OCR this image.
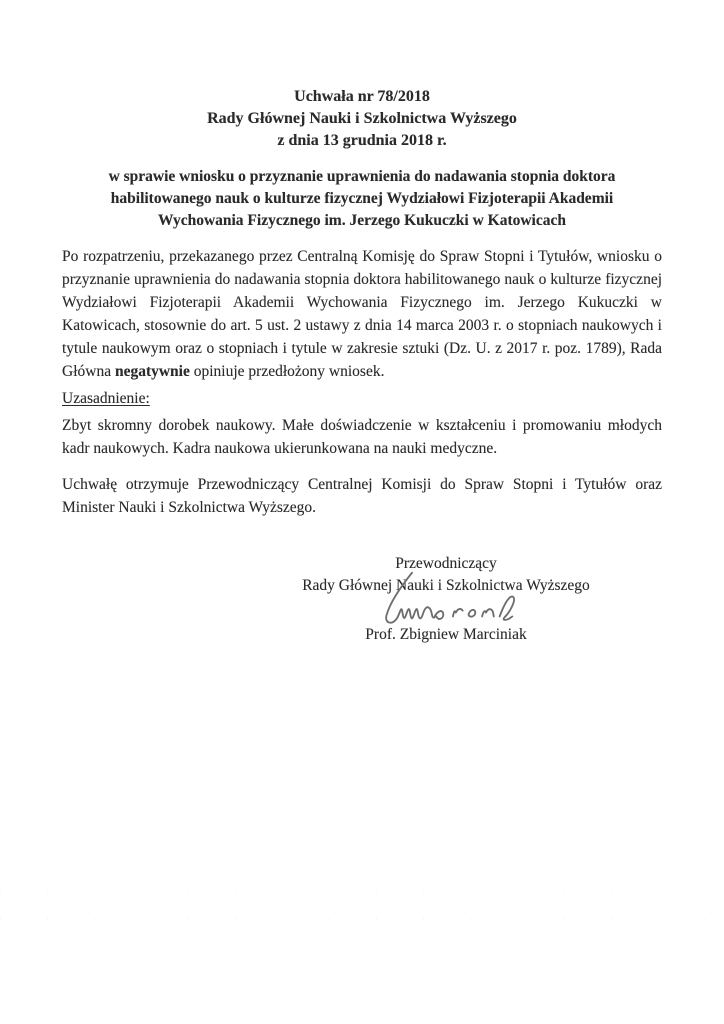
Uchwała nr 78/2018
Rady Głównej Nauki i Szkolnictwa Wyższego
z dnia 13 grudnia 2018 r.
w sprawie wniosku o przyznanie uprawnienia do nadawania stopnia doktora
habilitowanego nauk o kulturze fizycznej Wydziałowi Fizjoterapii Akademii
Wychowania Fizycznego im. Jerzego Kukuczki w Katowicach

Po rozpatrzeniu, przekazanego przez Centralną Komisję do Spraw Stopni i Tytułów, wniosku o przyznanie uprawnienia do nadawania stopnia doktora habilitowanego nauk o kulturze fizycznej Wydziałowi Fizjoterapii Akademii Wychowania Fizycznego im. Jerzego Kukuczki w Katowicach, stosownie do art. 5 ust. 2 ustawy z dnia 14 marca 2003 r. o stopniach naukowych i tytule naukowym oraz o stopniach i tytule w zakresie sztuki (Dz. U. z 2017 r. poz. 1789), Rada Główna negatywnie opiniuje przedłożony wniosek.

Uzasadnienie:

Zbyt skromny dorobek naukowy. Małe doświadczenie w kształceniu i promowaniu młodych kadr naukowych. Kadra naukowa ukierunkowana na nauki medyczne.

Uchwałę otrzymuje Przewodniczący Centralnej Komisji do Spraw Stopni i Tytułów oraz Minister Nauki i Szkolnictwa Wyższego.

Przewodniczący
Rady Głównej Nauki i Szkolnictwa Wyższego
Prof. Zbigniew Marciniak
